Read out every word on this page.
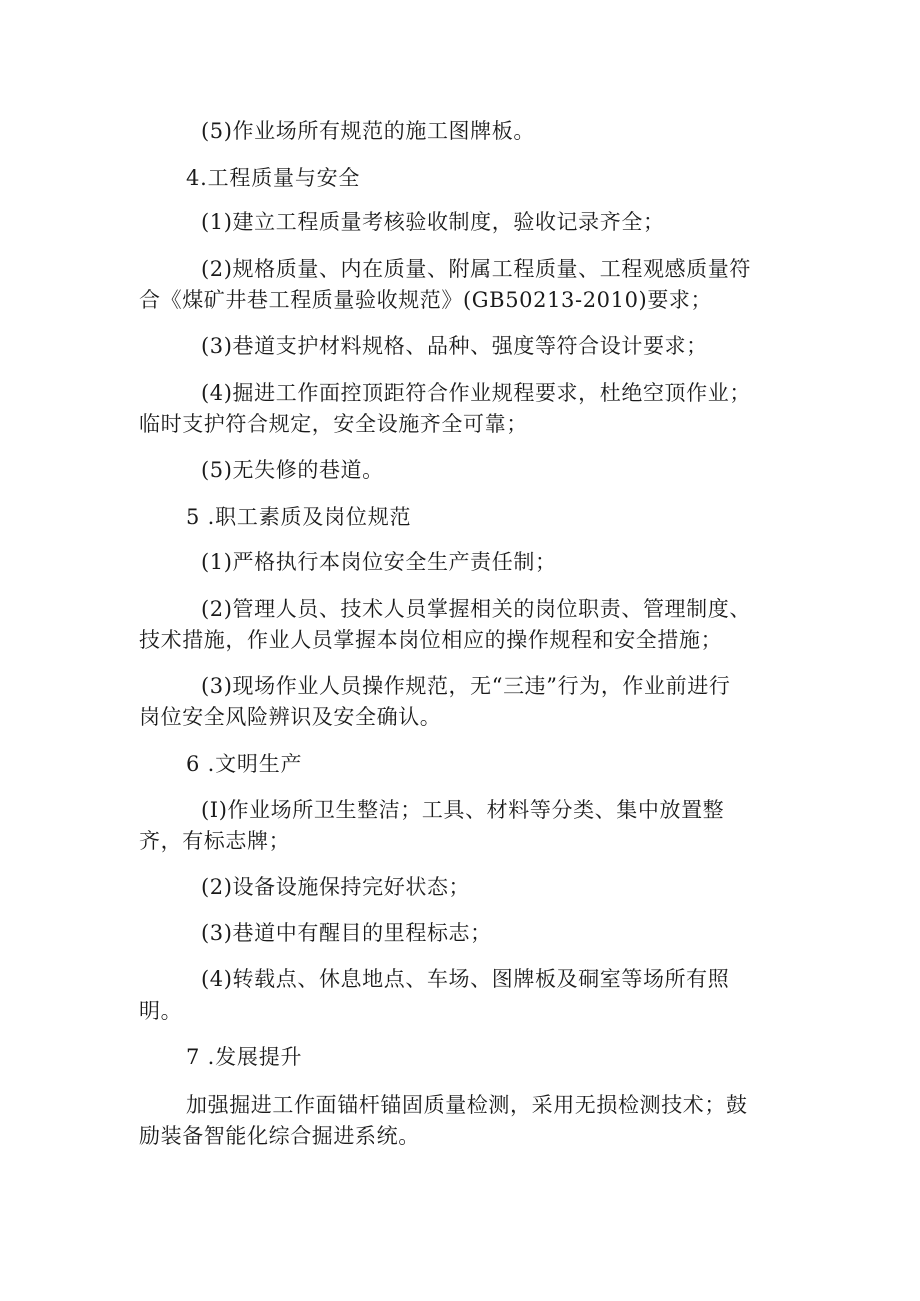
(5)作业场所有规范的施工图牌板。
4.工程质量与安全
(1)建立工程质量考核验收制度，验收记录齐全；
(2)规格质量、内在质量、附属工程质量、工程观感质量符
合《煤矿井巷工程质量验收规范》(GB50213-2010)要求；
(3)巷道支护材料规格、品种、强度等符合设计要求；
(4)掘进工作面控顶距符合作业规程要求，杜绝空顶作业；
临时支护符合规定，安全设施齐全可靠；
(5)无失修的巷道。
5 .职工素质及岗位规范
(1)严格执行本岗位安全生产责任制；
(2)管理人员、技术人员掌握相关的岗位职责、管理制度、
技术措施，作业人员掌握本岗位相应的操作规程和安全措施；
(3)现场作业人员操作规范，无“三违”行为，作业前进行
岗位安全风险辨识及安全确认。
6 .文明生产
(I)作业场所卫生整洁；工具、材料等分类、集中放置整
齐，有标志牌；
(2)设备设施保持完好状态；
(3)巷道中有醒目的里程标志；
(4)转载点、休息地点、车场、图牌板及硐室等场所有照
明。
7 .发展提升
加强掘进工作面锚杆锚固质量检测，采用无损检测技术；鼓
励装备智能化综合掘进系统。
